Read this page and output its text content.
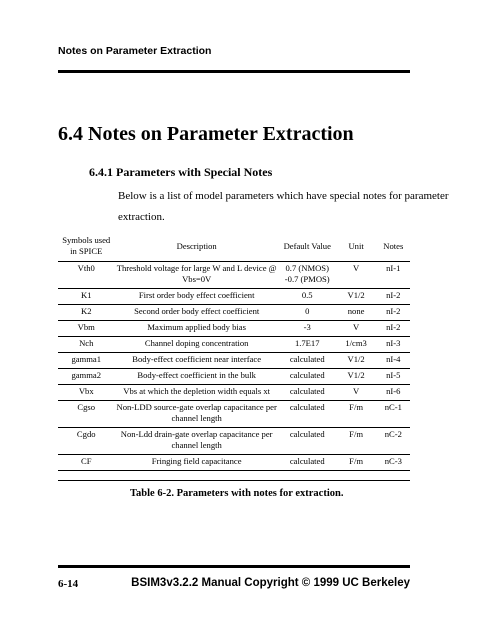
Notes on Parameter Extraction
6.4 Notes on Parameter Extraction
6.4.1 Parameters with Special Notes
Below is a list of model parameters which have special notes for parameter
extraction.
Symbols used in SPICE	Description	Default Value	Unit	Notes
Vth0	Threshold voltage for large W and L device @ Vbs=0V	0.7 (NMOS) -0.7 (PMOS)	V	nI-1
K1	First order body effect coefficient	0.5	V1/2	nI-2
K2	Second order body effect coefficient	0	none	nI-2
Vbm	Maximum applied body bias	-3	V	nI-2
Nch	Channel doping concentration	1.7E17	1/cm3	nI-3
gamma1	Body-effect coefficient near interface	calculated	V1/2	nI-4
gamma2	Body-effect coefficient in the bulk	calculated	V1/2	nI-5
Vbx	Vbs at which the depletion width equals xt	calculated	V	nI-6
Cgso	Non-LDD source-gate overlap capacitance per channel length	calculated	F/m	nC-1
Cgdo	Non-Ldd drain-gate overlap capacitance per channel length	calculated	F/m	nC-2
CF	Fringing field capacitance	calculated	F/m	nC-3
Table 6-2. Parameters with notes for extraction.
6-14	BSIM3v3.2.2 Manual Copyright © 1999 UC Berkeley
